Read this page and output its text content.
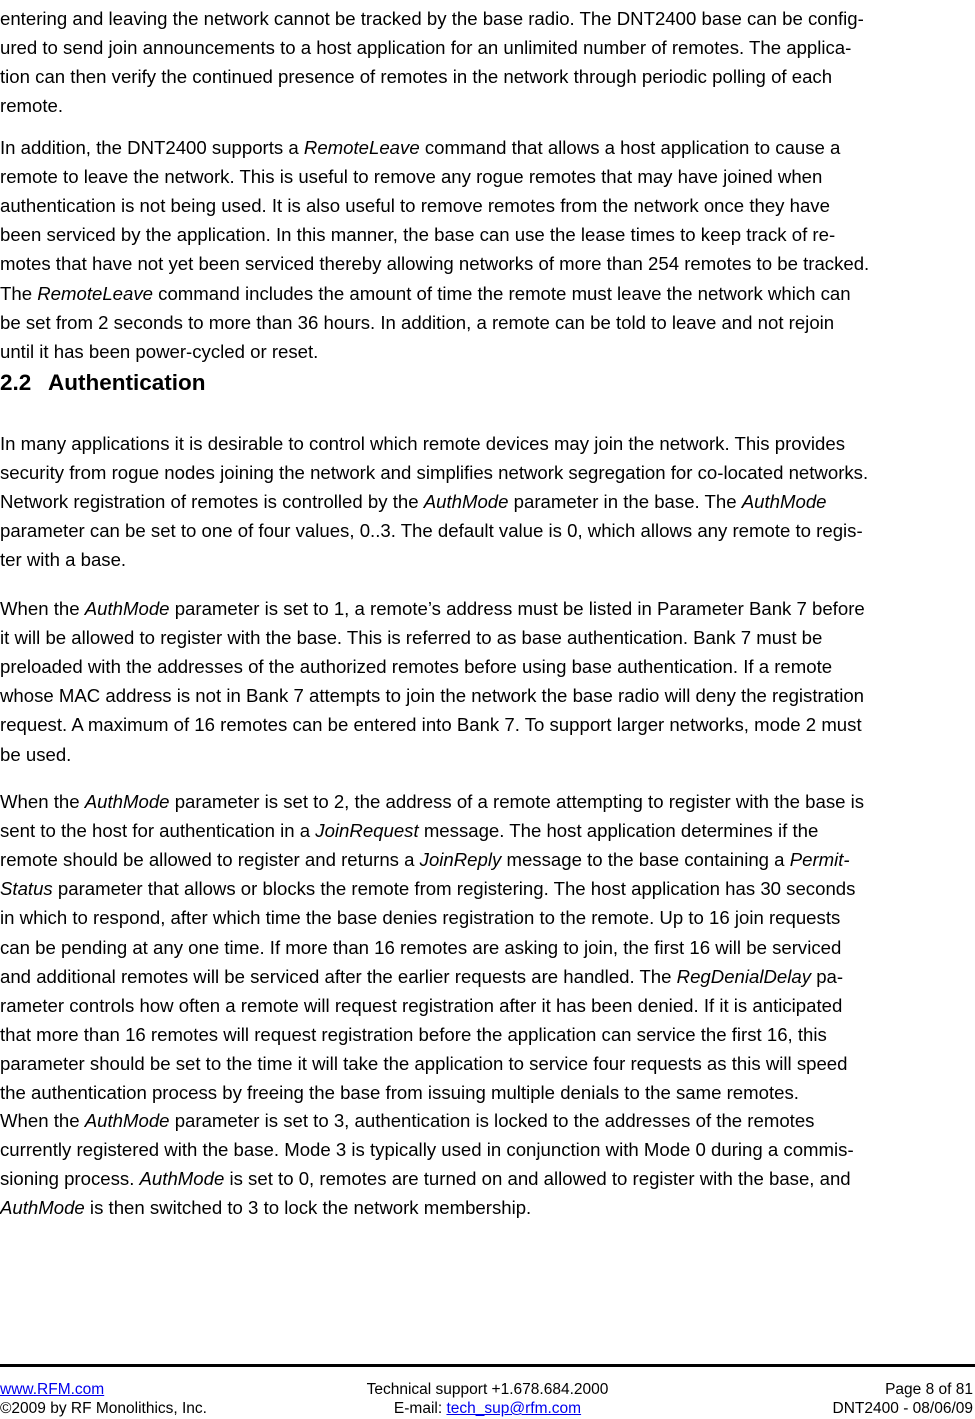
entering and leaving the network cannot be tracked by the base radio. The DNT2400 base can be config-
ured to send join announcements to a host application for an unlimited number of remotes. The applica-
tion can then verify the continued presence of remotes in the network through periodic polling of each
remote.
In addition, the DNT2400 supports a RemoteLeave command that allows a host application to cause a
remote to leave the network. This is useful to remove any rogue remotes that may have joined when
authentication is not being used. It is also useful to remove remotes from the network once they have
been serviced by the application. In this manner, the base can use the lease times to keep track of re-
motes that have not yet been serviced thereby allowing networks of more than 254 remotes to be tracked.
The RemoteLeave command includes the amount of time the remote must leave the network which can
be set from 2 seconds to more than 36 hours. In addition, a remote can be told to leave and not rejoin
until it has been power-cycled or reset.
In many applications it is desirable to control which remote devices may join the network. This provides
security from rogue nodes joining the network and simplifies network segregation for co-located networks.
Network registration of remotes is controlled by the AuthMode parameter in the base. The AuthMode
parameter can be set to one of four values, 0..3. The default value is 0, which allows any remote to regis-
ter with a base.
When the AuthMode parameter is set to 1, a remote’s address must be listed in Parameter Bank 7 before
it will be allowed to register with the base. This is referred to as base authentication. Bank 7 must be
preloaded with the addresses of the authorized remotes before using base authentication. If a remote
whose MAC address is not in Bank 7 attempts to join the network the base radio will deny the registration
request. A maximum of 16 remotes can be entered into Bank 7. To support larger networks, mode 2 must
be used.
When the AuthMode parameter is set to 2, the address of a remote attempting to register with the base is
sent to the host for authentication in a JoinRequest message. The host application determines if the
remote should be allowed to register and returns a JoinReply message to the base containing a Permit-
Status parameter that allows or blocks the remote from registering. The host application has 30 seconds
in which to respond, after which time the base denies registration to the remote. Up to 16 join requests
can be pending at any one time. If more than 16 remotes are asking to join, the first 16 will be serviced
and additional remotes will be serviced after the earlier requests are handled. The RegDenialDelay pa-
rameter controls how often a remote will request registration after it has been denied. If it is anticipated
that more than 16 remotes will request registration before the application can service the first 16, this
parameter should be set to the time it will take the application to service four requests as this will speed
the authentication process by freeing the base from issuing multiple denials to the same remotes.
When the AuthMode parameter is set to 3, authentication is locked to the addresses of the remotes
currently registered with the base. Mode 3 is typically used in conjunction with Mode 0 during a commis-
sioning process. AuthMode is set to 0, remotes are turned on and allowed to register with the base, and
AuthMode is then switched to 3 to lock the network membership.
2.2 Authentication
www.RFM.com
©2009 by RF Monolithics, Inc.
Technical support +1.678.684.2000
E-mail: tech_sup@rfm.com
Page 8 of 81
DNT2400 - 08/06/09
